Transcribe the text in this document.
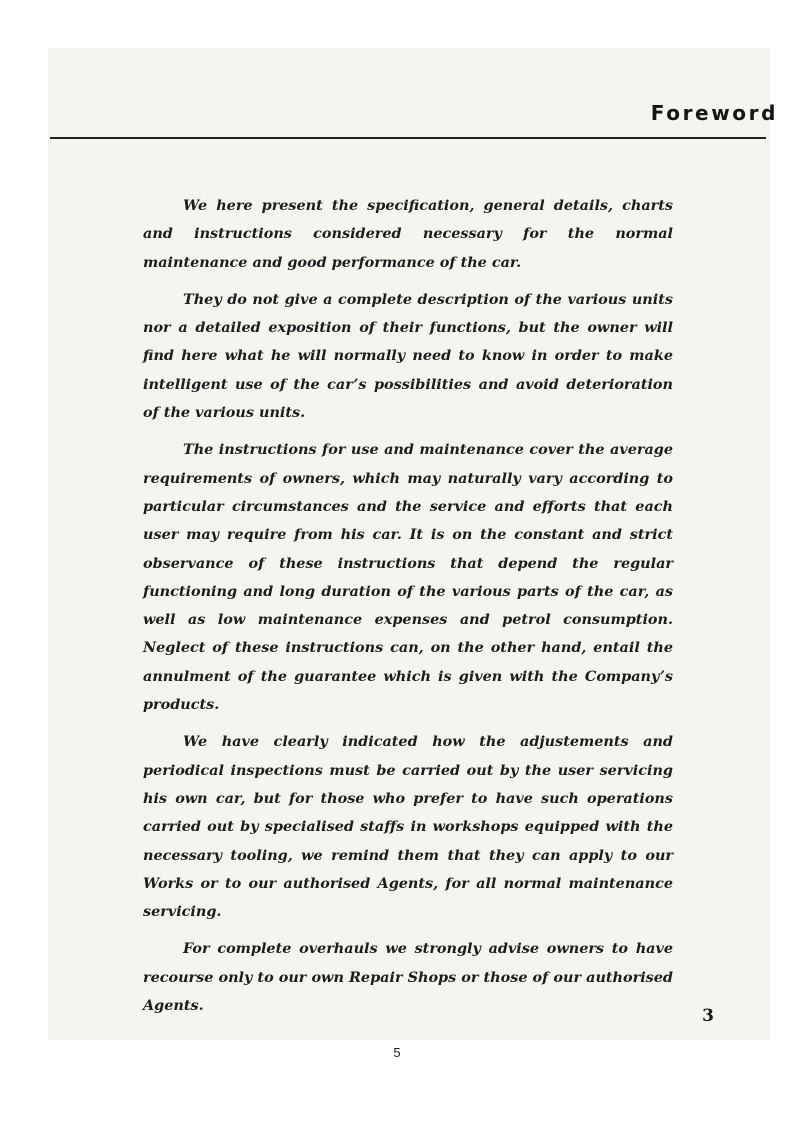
Foreword

We here present the specification, general details, charts and instructions considered necessary for the normal maintenance and good performance of the car.

They do not give a complete description of the various units nor a detailed exposition of their functions, but the owner will find here what he will normally need to know in order to make intelligent use of the car’s possibilities and avoid deterioration of the various units.

The instructions for use and maintenance cover the average requirements of owners, which may naturally vary according to particular circumstances and the service and efforts that each user may require from his car. It is on the constant and strict observance of these instructions that depend the regular functioning and long duration of the various parts of the car, as well as low maintenance expenses and petrol consumption. Neglect of these instructions can, on the other hand, entail the annulment of the guarantee which is given with the Company’s products.

We have clearly indicated how the adjustements and periodical inspections must be carried out by the user servicing his own car, but for those who prefer to have such operations carried out by specialised staffs in workshops equipped with the necessary tooling, we remind them that they can apply to our Works or to our authorised Agents, for all normal maintenance servicing.

For complete overhauls we strongly advise owners to have recourse only to our own Repair Shops or those of our authorised Agents.

3
5
